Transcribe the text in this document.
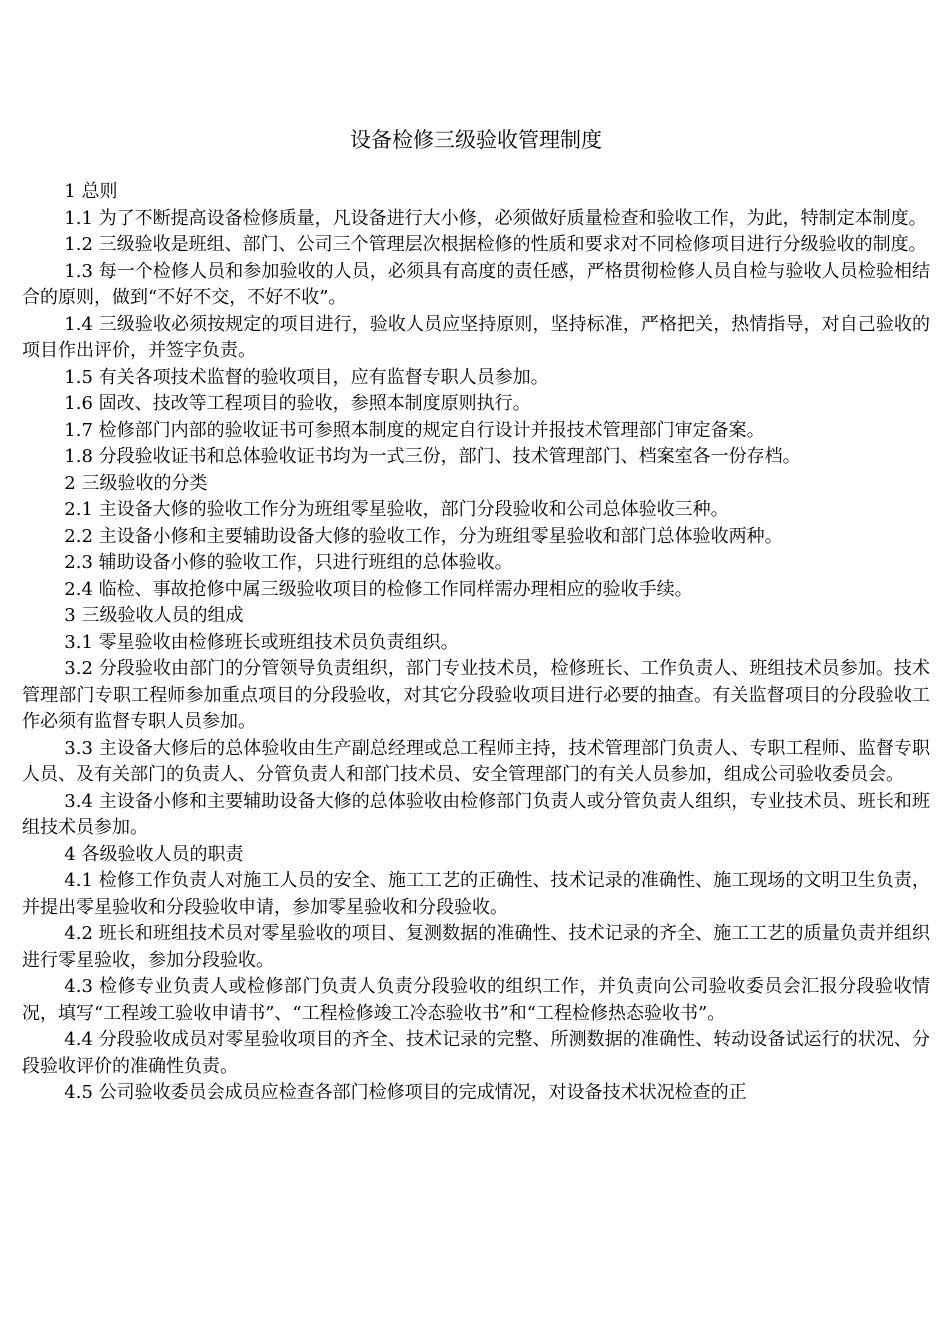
设备检修三级验收管理制度

1 总则

1.1 为了不断提高设备检修质量，凡设备进行大小修，必须做好质量检查和验收工作，为此，特制定本制度。

1.2 三级验收是班组、部门、公司三个管理层次根据检修的性质和要求对不同检修项目进行分级验收的制度。

1.3 每一个检修人员和参加验收的人员，必须具有高度的责任感，严格贯彻检修人员自检与验收人员检验相结合的原则，做到“不好不交，不好不收”。

1.4 三级验收必须按规定的项目进行，验收人员应坚持原则，坚持标准，严格把关，热情指导，对自己验收的项目作出评价，并签字负责。

1.5 有关各项技术监督的验收项目，应有监督专职人员参加。

1.6 固改、技改等工程项目的验收，参照本制度原则执行。

1.7 检修部门内部的验收证书可参照本制度的规定自行设计并报技术管理部门审定备案。

1.8 分段验收证书和总体验收证书均为一式三份，部门、技术管理部门、档案室各一份存档。

2 三级验收的分类

2.1 主设备大修的验收工作分为班组零星验收，部门分段验收和公司总体验收三种。

2.2 主设备小修和主要辅助设备大修的验收工作，分为班组零星验收和部门总体验收两种。

2.3 辅助设备小修的验收工作，只进行班组的总体验收。

2.4 临检、事故抢修中属三级验收项目的检修工作同样需办理相应的验收手续。

3 三级验收人员的组成

3.1 零星验收由检修班长或班组技术员负责组织。

3.2 分段验收由部门的分管领导负责组织，部门专业技术员，检修班长、工作负责人、班组技术员参加。技术管理部门专职工程师参加重点项目的分段验收，对其它分段验收项目进行必要的抽查。有关监督项目的分段验收工作必须有监督专职人员参加。

3.3 主设备大修后的总体验收由生产副总经理或总工程师主持，技术管理部门负责人、专职工程师、监督专职人员、及有关部门的负责人、分管负责人和部门技术员、安全管理部门的有关人员参加，组成公司验收委员会。

3.4 主设备小修和主要辅助设备大修的总体验收由检修部门负责人或分管负责人组织，专业技术员、班长和班组技术员参加。

4 各级验收人员的职责

4.1 检修工作负责人对施工人员的安全、施工工艺的正确性、技术记录的准确性、施工现场的文明卫生负责，并提出零星验收和分段验收申请，参加零星验收和分段验收。

4.2 班长和班组技术员对零星验收的项目、复测数据的准确性、技术记录的齐全、施工工艺的质量负责并组织进行零星验收，参加分段验收。

4.3 检修专业负责人或检修部门负责人负责分段验收的组织工作，并负责向公司验收委员会汇报分段验收情况，填写“工程竣工验收申请书”、“工程检修竣工冷态验收书”和“工程检修热态验收书”。

4.4 分段验收成员对零星验收项目的齐全、技术记录的完整、所测数据的准确性、转动设备试运行的状况、分段验收评价的准确性负责。

4.5 公司验收委员会成员应检查各部门检修项目的完成情况，对设备技术状况检查的正
